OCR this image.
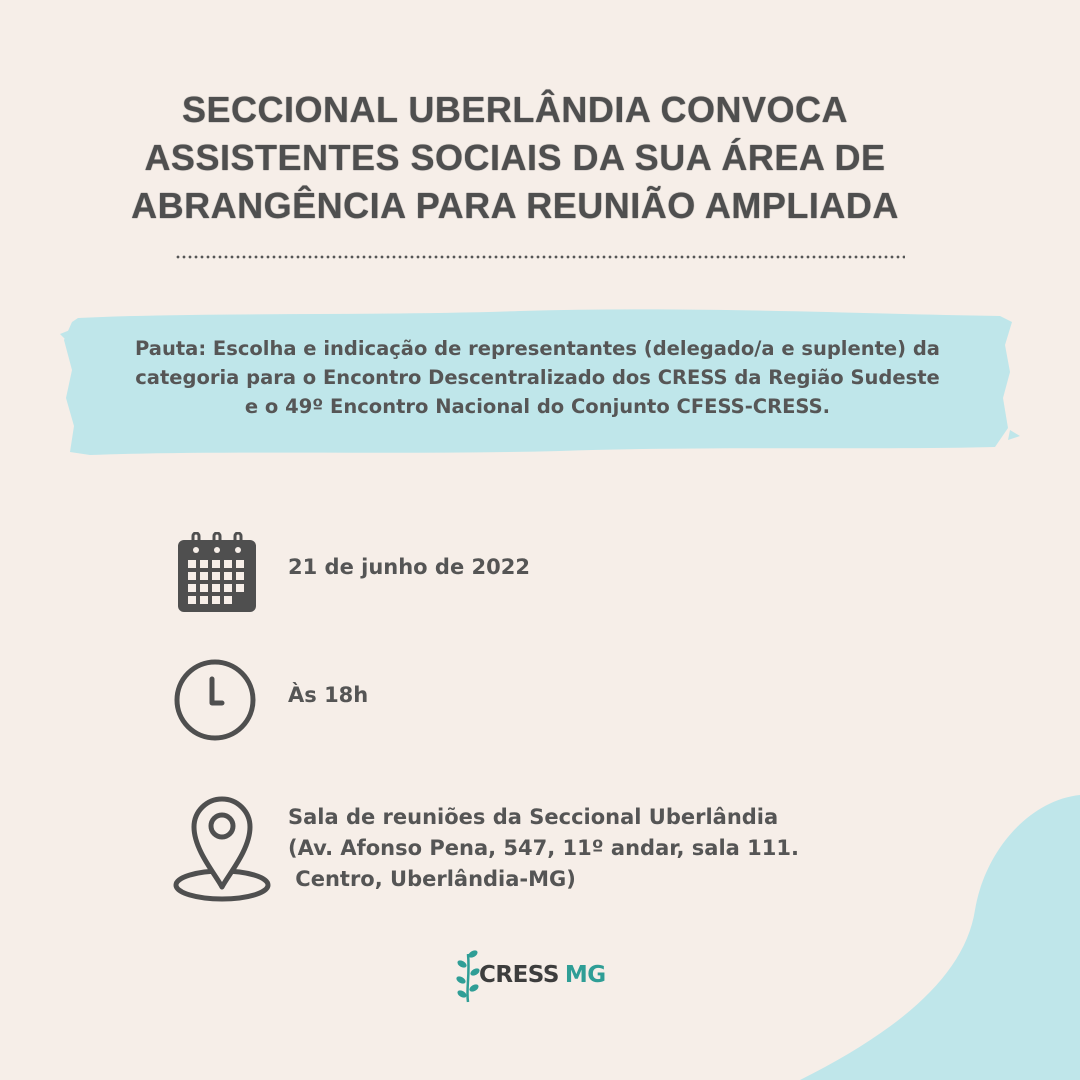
SECCIONAL UBERLÂNDIA CONVOCA
ASSISTENTES SOCIAIS DA SUA ÁREA DE
ABRANGÊNCIA PARA REUNIÃO AMPLIADA
Pauta: Escolha e indicação de representantes (delegado/a e suplente) da
categoria para o Encontro Descentralizado dos CRESS da Região Sudeste
e o 49º Encontro Nacional do Conjunto CFESS-CRESS.
21 de junho de 2022
Às 18h
Sala de reuniões da Seccional Uberlândia
(Av. Afonso Pena, 547, 11º andar, sala 111.
Centro, Uberlândia-MG)
CRESS MG
